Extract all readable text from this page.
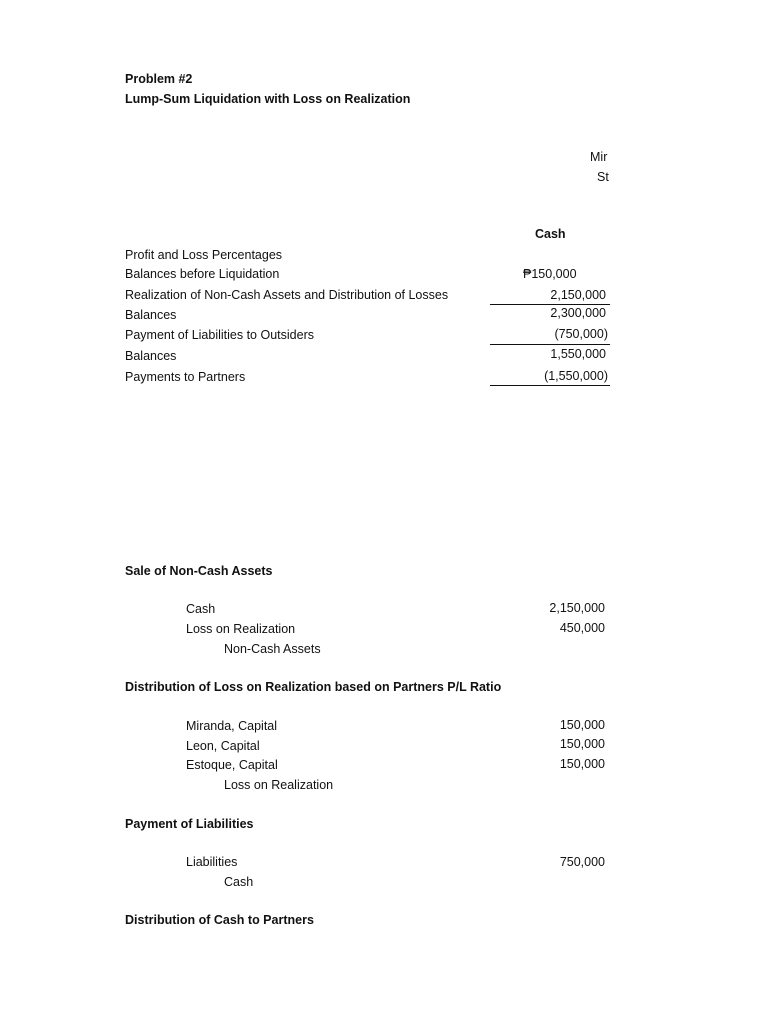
Problem #2
Lump-Sum Liquidation with Loss on Realization
Mir
St
Cash
Profit and Loss Percentages
Balances before Liquidation	₱150,000
Realization of Non-Cash Assets and Distribution of Losses	2,150,000
Balances	2,300,000
Payment of Liabilities to Outsiders	(750,000)
Balances	1,550,000
Payments to Partners	(1,550,000)
Sale of Non-Cash Assets
Cash	2,150,000
Loss on Realization	450,000
Non-Cash Assets
Distribution of Loss on Realization based on Partners P/L Ratio
Miranda, Capital	150,000
Leon, Capital	150,000
Estoque, Capital	150,000
Loss on Realization
Payment of Liabilities
Liabilities	750,000
Cash
Distribution of Cash to Partners
